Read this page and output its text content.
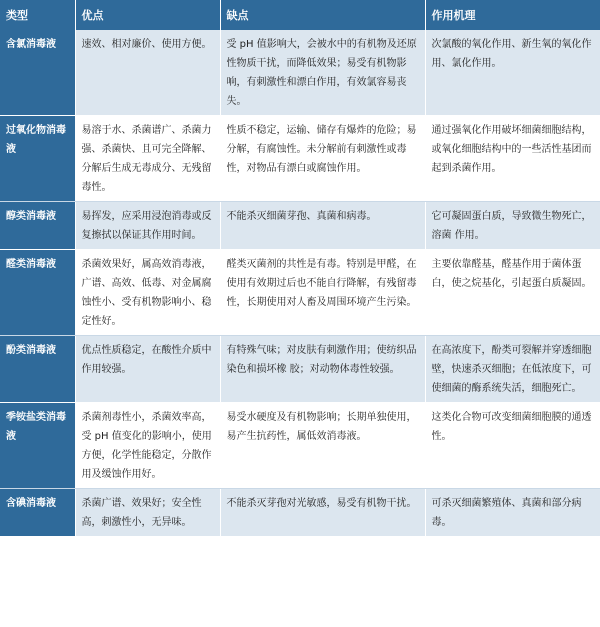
类型	优点	缺点	作用机理
含氯消毒液	速效、相对廉价、使用方便。	受 pH 值影响大，会被水中的有机物及还原性物质干扰，而降低效果；易受有机物影响，有刺激性和漂白作用，有效氯容易丧失。	次氯酸的氧化作用、新生氧的氧化作用、氯化作用。
过氧化物消毒液	易溶于水、杀菌谱广、杀菌力强、杀菌快、且可完全降解、分解后生成无毒成分、无残留毒性。	性质不稳定，运输、储存有爆炸的危险；易分解，有腐蚀性。未分解前有刺激性或毒性，对物品有漂白或腐蚀作用。	通过强氧化作用破坏细菌细胞结构，或氧化细胞结构中的一些活性基团而起到杀菌作用。
醇类消毒液	易挥发，应采用浸泡消毒或反复擦拭以保证其作用时间。	不能杀灭细菌芽孢、真菌和病毒。	它可凝固蛋白质，导致微生物死亡，溶菌 作用。
醛类消毒液	杀菌效果好，属高效消毒液，广谱、高效、低毒、对金属腐蚀性小、受有机物影响小、稳定性好。	醛类灭菌剂的共性是有毒。特别是甲醛，在使用有效期过后也不能自行降解，有残留毒性，长期使用对人畜及周围环境产生污染。	主要依靠醛基，醛基作用于菌体蛋白，使之烷基化，引起蛋白质凝固。
酚类消毒液	优点性质稳定，在酸性介质中作用较强。	有特殊气味；对皮肤有刺激作用；使纺织品染色和损坏橡 胶；对动物体毒性较强。	在高浓度下，酚类可裂解并穿透细胞壁，快速杀灭细胞；在低浓度下，可使细菌的酶系统失活，细胞死亡。
季铵盐类消毒液	杀菌剂毒性小，杀菌效率高，受 pH 值变化的影响小，使用方便，化学性能稳定，分散作用及缓蚀作用好。	易受水硬度及有机物影响；长期单独使用，易产生抗药性，属低效消毒液。	这类化合物可改变细菌细胞膜的通透性。
含碘消毒液	杀菌广谱、效果好；安全性高，刺激性小，无异味。	不能杀灭芽孢对光敏感，易受有机物干扰。	可杀灭细菌繁殖体、真菌和部分病毒。
